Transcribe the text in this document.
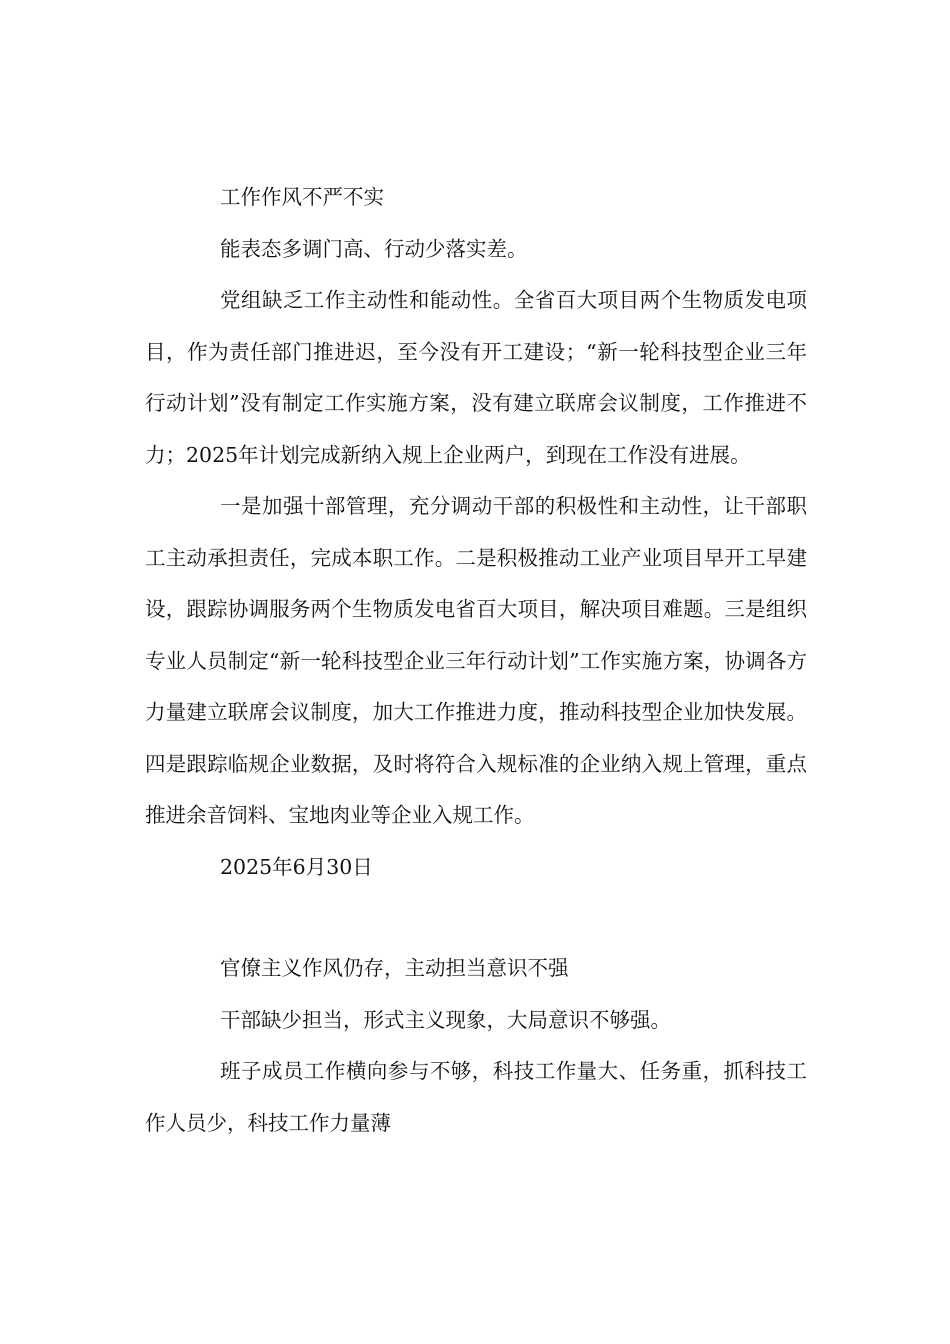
工作作风不严不实

能表态多调门高、行动少落实差。

党组缺乏工作主动性和能动性。全省百大项目两个生物质发电项目，作为责任部门推进迟，至今没有开工建设；“新一轮科技型企业三年行动计划”没有制定工作实施方案，没有建立联席会议制度，工作推进不力；2025年计划完成新纳入规上企业两户，到现在工作没有进展。

一是加强十部管理，充分调动干部的积极性和主动性，让干部职工主动承担责任，完成本职工作。二是积极推动工业产业项目早开工早建设，跟踪协调服务两个生物质发电省百大项目，解决项目难题。三是组织专业人员制定“新一轮科技型企业三年行动计划”工作实施方案，协调各方力量建立联席会议制度，加大工作推进力度，推动科技型企业加快发展。四是跟踪临规企业数据，及时将符合入规标准的企业纳入规上管理，重点推进余音饲料、宝地肉业等企业入规工作。

2025年6月30日

官僚主义作风仍存，主动担当意识不强

干部缺少担当，形式主义现象，大局意识不够强。

班子成员工作横向参与不够，科技工作量大、任务重，抓科技工作人员少，科技工作力量薄
